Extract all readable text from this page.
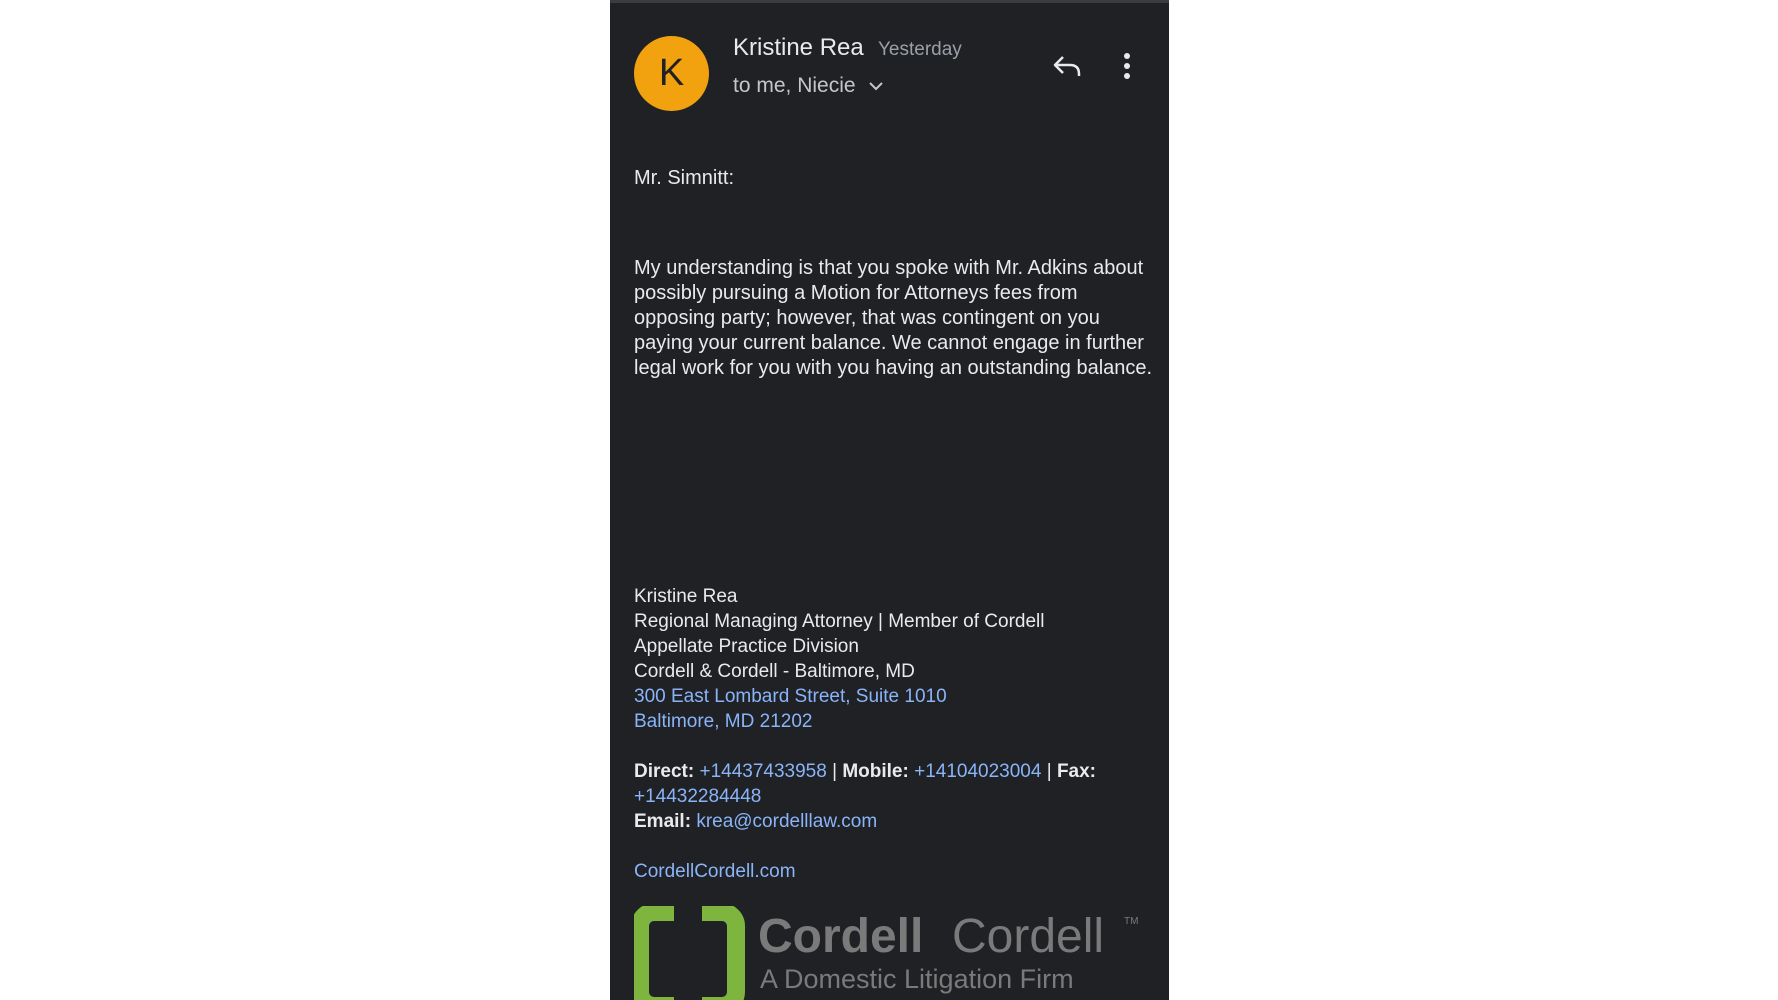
K
Kristine Rea Yesterday
to me, Niecie
Mr. Simnitt:
My understanding is that you spoke with Mr. Adkins about possibly pursuing a Motion for Attorneys fees from opposing party; however, that was contingent on you paying your current balance. We cannot engage in further legal work for you with you having an outstanding balance.
Kristine Rea
Regional Managing Attorney | Member of Cordell
Appellate Practice Division
Cordell & Cordell - Baltimore, MD
300 East Lombard Street, Suite 1010
Baltimore, MD 21202
Direct: +14437433958 | Mobile: +14104023004 | Fax:
+14432284448
Email: krea@cordelllaw.com
CordellCordell.com
Cordell Cordell TM
A Domestic Litigation Firm
